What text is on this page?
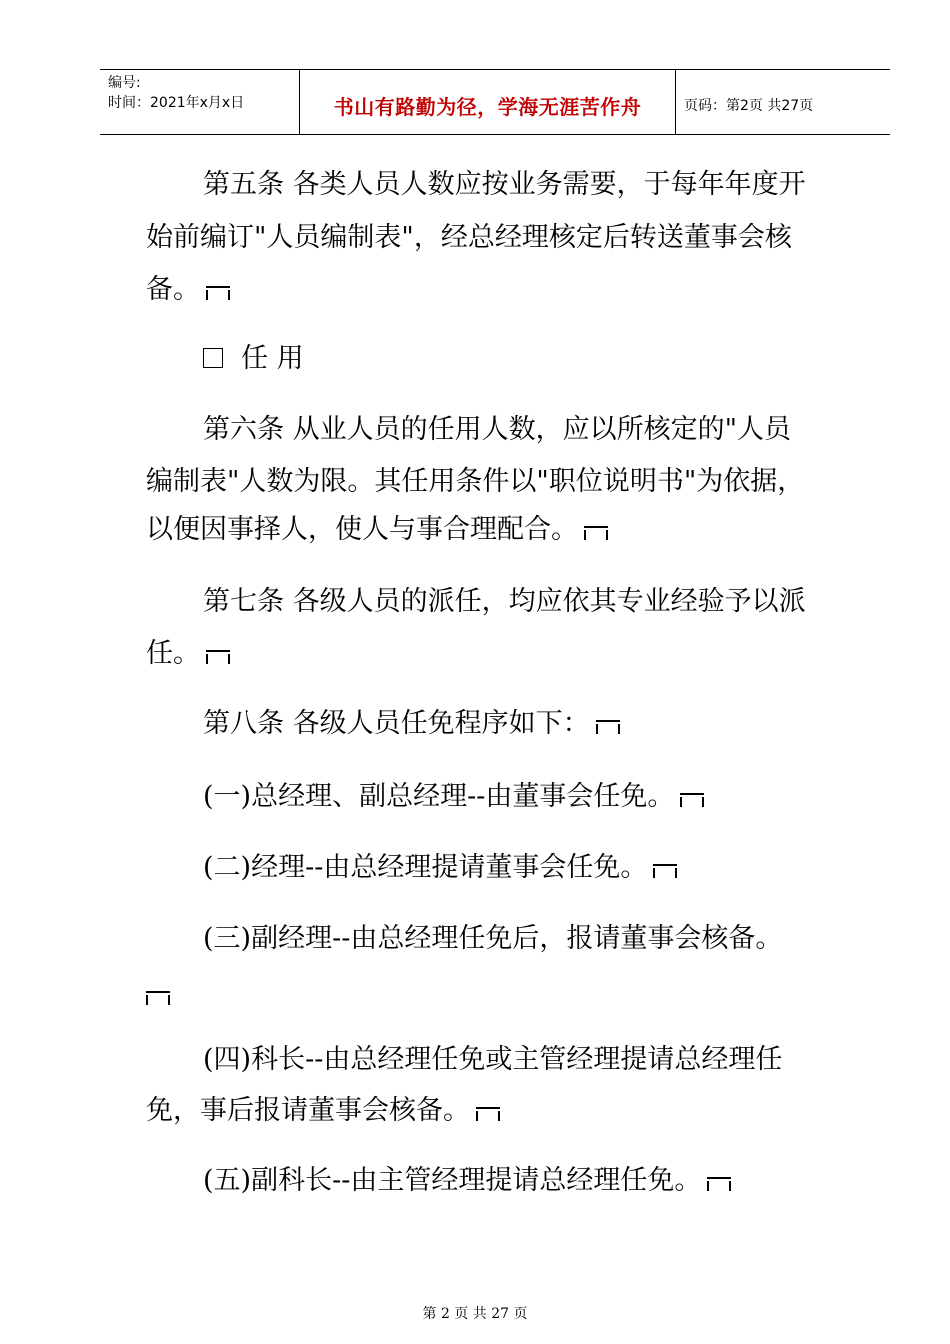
编号:
时间：2021年x月x日	书山有路勤为径，学海无涯苦作舟	页码：第2页 共27页
第五条 各类人员人数应按业务需要，于每年年度开
始前编订"人员编制表"，经总经理核定后转送董事会核
备。
任 用
第六条 从业人员的任用人数，应以所核定的"人员
编制表"人数为限。其任用条件以"职位说明书"为依据，
以便因事择人，使人与事合理配合。
第七条 各级人员的派任，均应依其专业经验予以派
任。
第八条 各级人员任免程序如下：
(一)总经理、副总经理--由董事会任免。
(二)经理--由总经理提请董事会任免。
(三)副经理--由总经理任免后，报请董事会核备。
(四)科长--由总经理任免或主管经理提请总经理任
免，事后报请董事会核备。
(五)副科长--由主管经理提请总经理任免。
第 2 页 共 27 页
